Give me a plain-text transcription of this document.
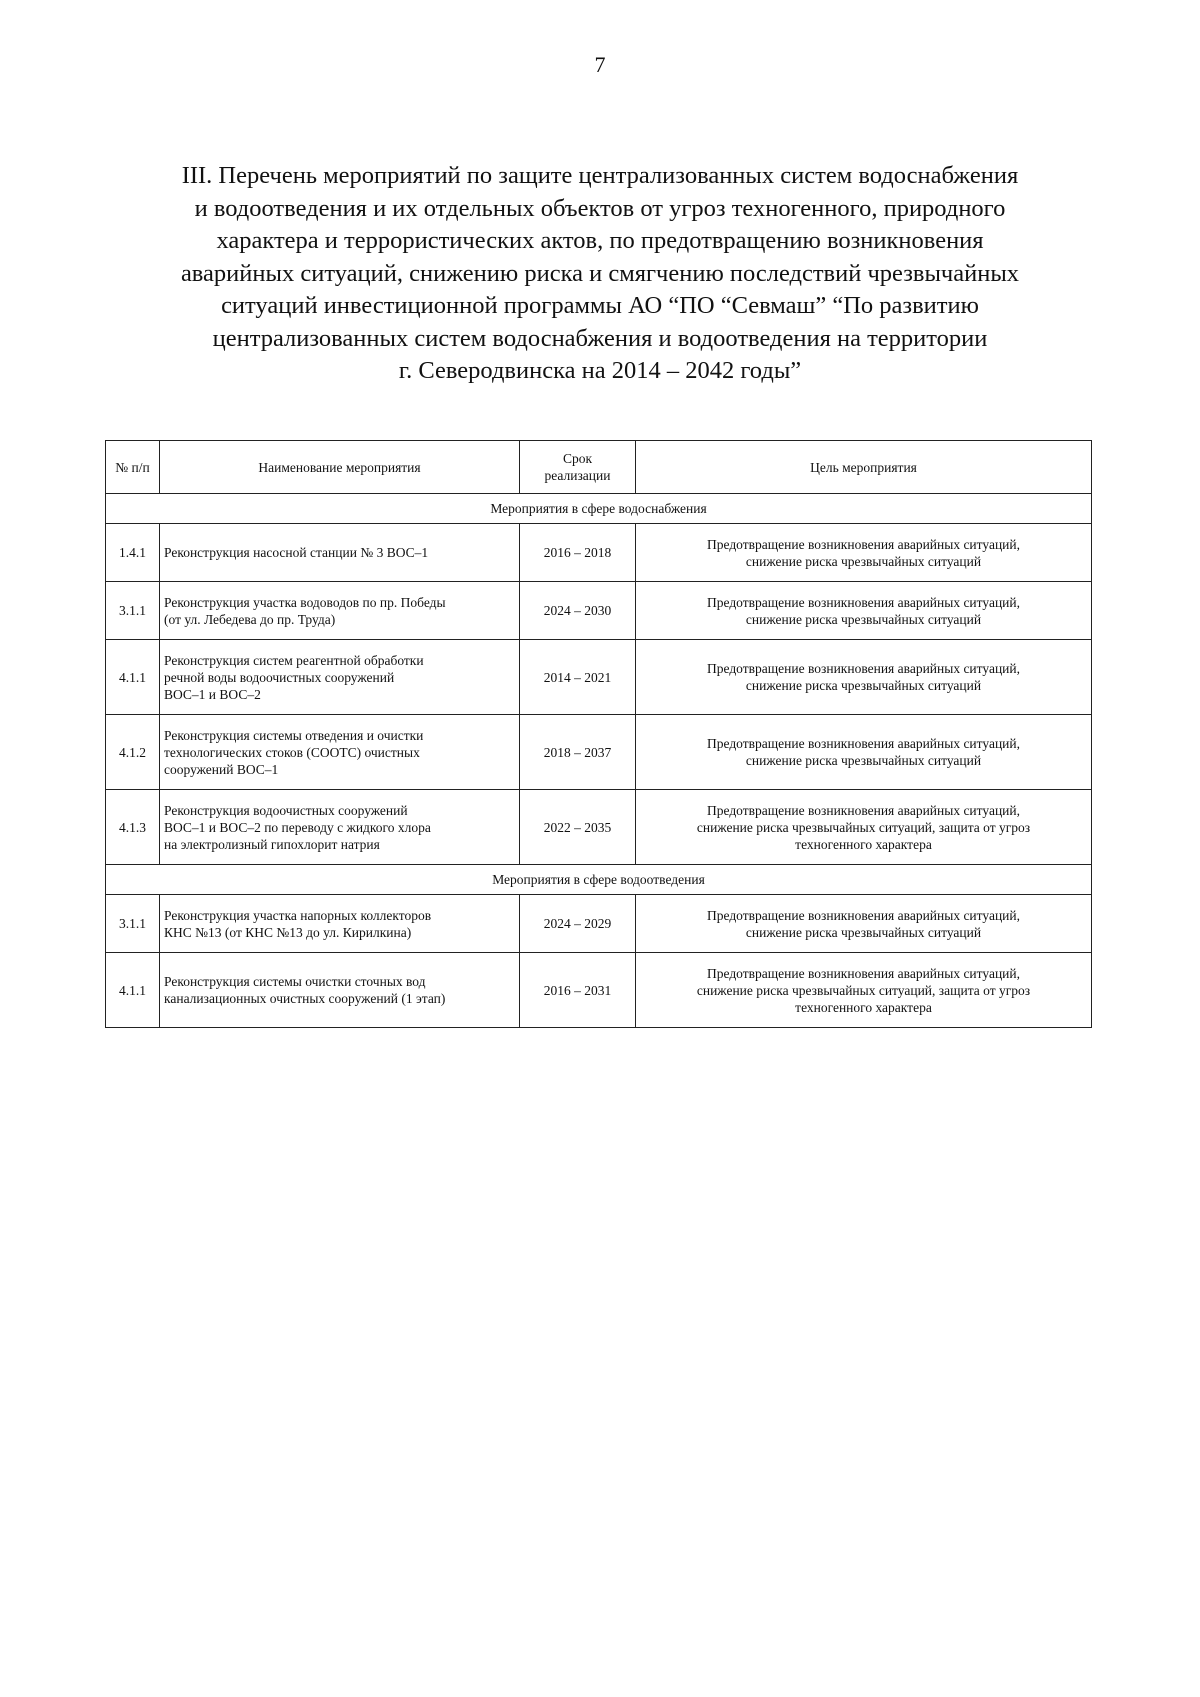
7
III. Перечень мероприятий по защите централизованных систем водоснабжения
и водоотведения и их отдельных объектов от угроз техногенного, природного
характера и террористических актов, по предотвращению возникновения
аварийных ситуаций, снижению риска и смягчению последствий чрезвычайных
ситуаций инвестиционной программы АО “ПО “Севмаш” “По развитию
централизованных систем водоснабжения и водоотведения на территории
г. Северодвинска на 2014 – 2042 годы”
№ п/п	Наименование мероприятия	Срок реализации	Цель мероприятия
Мероприятия в сфере водоснабжения			
1.4.1	Реконструкция насосной станции № 3 ВОС–1	2016 – 2018	Предотвращение возникновения аварийных ситуаций,
снижение риска чрезвычайных ситуаций
3.1.1	Реконструкция участка водоводов по пр. Победы
(от ул. Лебедева до пр. Труда)	2024 – 2030	Предотвращение возникновения аварийных ситуаций,
снижение риска чрезвычайных ситуаций
4.1.1	Реконструкция систем реагентной обработки
речной воды водоочистных сооружений
ВОС–1 и ВОС–2	2014 – 2021	Предотвращение возникновения аварийных ситуаций,
снижение риска чрезвычайных ситуаций
4.1.2	Реконструкция системы отведения и очистки
технологических стоков (СООТС) очистных
сооружений ВОС–1	2018 – 2037	Предотвращение возникновения аварийных ситуаций,
снижение риска чрезвычайных ситуаций
4.1.3	Реконструкция водоочистных сооружений
ВОС–1 и ВОС–2 по переводу с жидкого хлора
на электролизный гипохлорит натрия	2022 – 2035	Предотвращение возникновения аварийных ситуаций,
снижение риска чрезвычайных ситуаций, защита от угроз
техногенного характера
Мероприятия в сфере водоотведения			
3.1.1	Реконструкция участка напорных коллекторов
КНС №13 (от КНС №13 до ул. Кирилкина)	2024 – 2029	Предотвращение возникновения аварийных ситуаций,
снижение риска чрезвычайных ситуаций
4.1.1	Реконструкция системы очистки сточных вод
канализационных очистных сооружений (1 этап)	2016 – 2031	Предотвращение возникновения аварийных ситуаций,
снижение риска чрезвычайных ситуаций, защита от угроз
техногенного характера
